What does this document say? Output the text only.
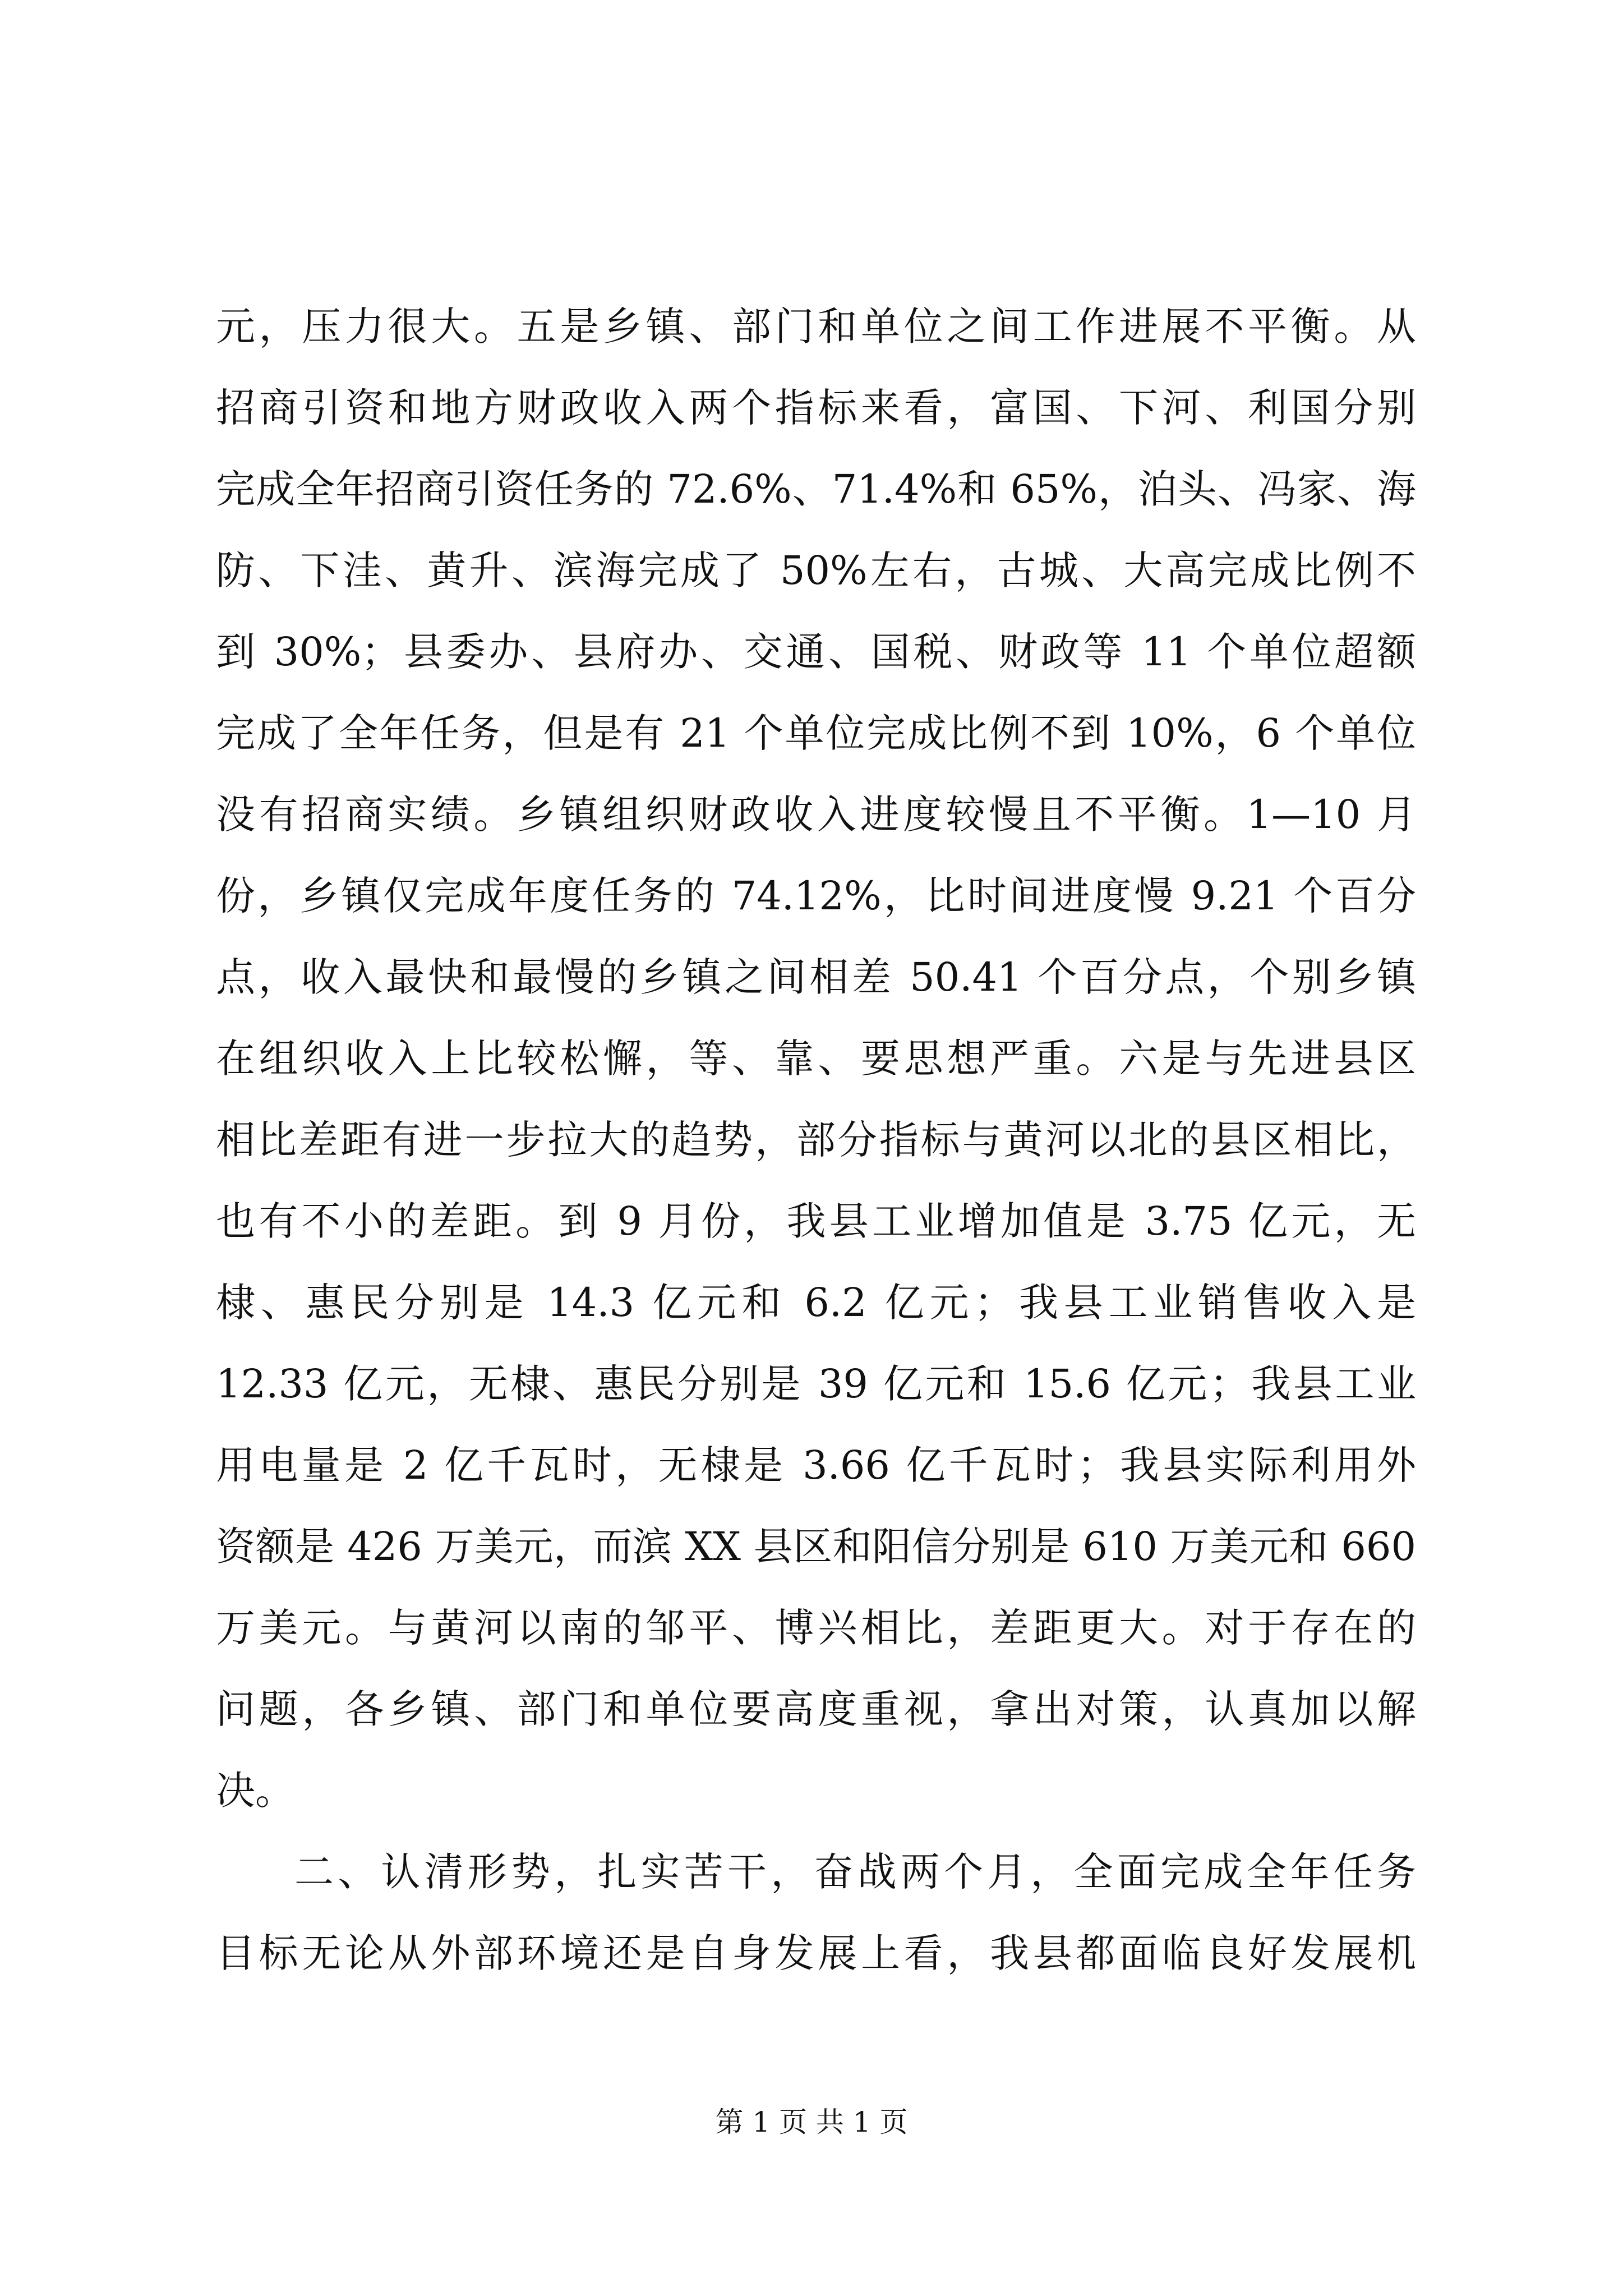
元，压力很大。五是乡镇、部门和单位之间工作进展不平衡。从
招商引资和地方财政收入两个指标来看，富国、下河、利国分别
完成全年招商引资任务的 72.6%、71.4%和 65%，泊头、冯家、海
防、下洼、黄升、滨海完成了 50%左右，古城、大高完成比例不
到 30%；县委办、县府办、交通、国税、财政等 11 个单位超额
完成了全年任务，但是有 21 个单位完成比例不到 10%，6 个单位
没有招商实绩。乡镇组织财政收入进度较慢且不平衡。1—10 月
份，乡镇仅完成年度任务的 74.12%，比时间进度慢 9.21 个百分
点，收入最快和最慢的乡镇之间相差 50.41 个百分点，个别乡镇
在组织收入上比较松懈，等、靠、要思想严重。六是与先进县区
相比差距有进一步拉大的趋势，部分指标与黄河以北的县区相比，
也有不小的差距。到 9 月份，我县工业增加值是 3.75 亿元，无
棣、惠民分别是 14.3 亿元和 6.2 亿元；我县工业销售收入是
12.33 亿元，无棣、惠民分别是 39 亿元和 15.6 亿元；我县工业
用电量是 2 亿千瓦时，无棣是 3.66 亿千瓦时；我县实际利用外
资额是 426 万美元，而滨 XX 县区和阳信分别是 610 万美元和 660
万美元。与黄河以南的邹平、博兴相比，差距更大。对于存在的
问题，各乡镇、部门和单位要高度重视，拿出对策，认真加以解
决。
二、认清形势，扎实苦干，奋战两个月，全面完成全年任务
目标无论从外部环境还是自身发展上看，我县都面临良好发展机
第 1 页 共 1 页
